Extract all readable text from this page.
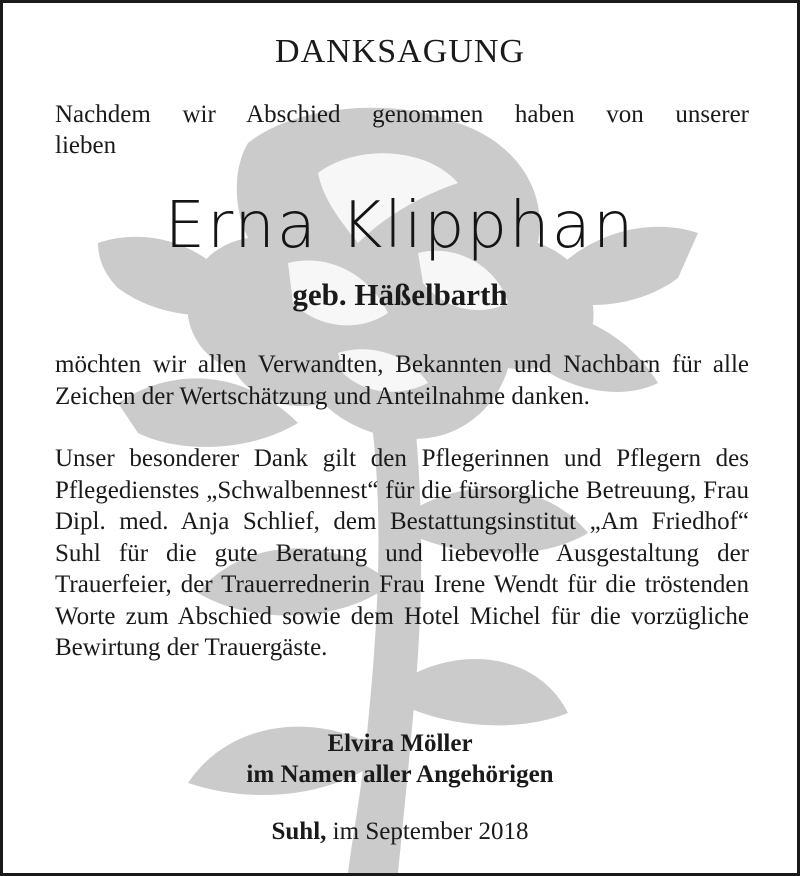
DANKSAGUNG
Nachdem wir Abschied genommen haben von unserer
lieben
Erna Klipphan
geb. Häßelbarth
möchten wir allen Verwandten, Bekannten und Nachbarn für alle Zeichen der Wertschätzung und Anteilnahme danken.
Unser besonderer Dank gilt den Pflegerinnen und Pflegern des Pflegedienstes „Schwalbennest“ für die fürsorgliche Betreuung, Frau Dipl. med. Anja Schlief, dem Bestattungsinstitut „Am Friedhof“ Suhl für die gute Beratung und liebevolle Ausgestaltung der Trauerfeier, der Trauerrednerin Frau Irene Wendt für die tröstenden Worte zum Abschied sowie dem Hotel Michel für die vorzügliche Bewirtung der Trauergäste.
Elvira Möller
im Namen aller Angehörigen
Suhl, im September 2018
